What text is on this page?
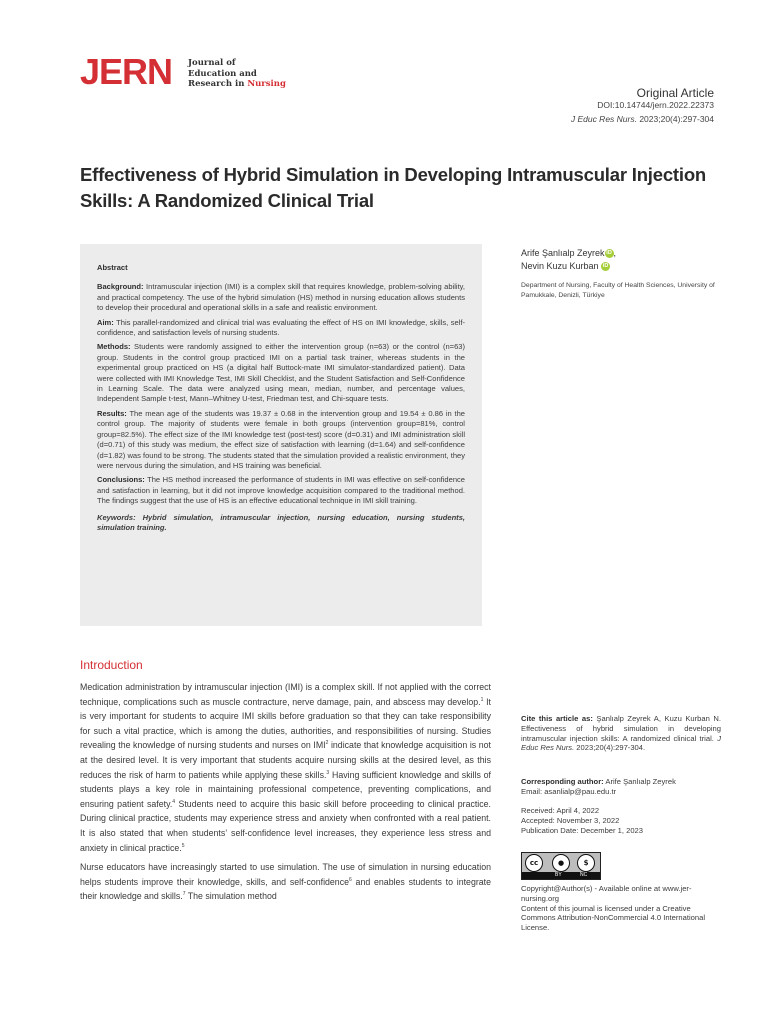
JERN Journal of
Education and
Research in Nursing
Original Article
DOI:10.14744/jern.2022.22373
J Educ Res Nurs. 2023;20(4):297-304
Effectiveness of Hybrid Simulation in Developing Intramuscular Injection Skills: A Randomized Clinical Trial

Abstract

Background: Intramuscular injection (IMI) is a complex skill that requires knowledge, problem-solving ability, and practical competency. The use of the hybrid simulation (HS) method in nursing education allows students to develop their procedural and operational skills in a safe and realistic environment.

Aim: This parallel-randomized and clinical trial was evaluating the effect of HS on IMI knowledge, skills, self-confidence, and satisfaction levels of nursing students.

Methods: Students were randomly assigned to either the intervention group (n=63) or the control (n=63) group. Students in the control group practiced IMI on a partial task trainer, whereas students in the experimental group practiced on HS (a digital half Buttock-mate IMI simulator-standardized patient). Data were collected with IMI Knowledge Test, IMI Skill Checklist, and the Student Satisfaction and Self-Confidence in Learning Scale. The data were analyzed using mean, median, number, and percentage values, Independent Sample t-test, Mann–Whitney U-test, Friedman test, and Chi-square tests.

Results: The mean age of the students was 19.37 ± 0.68 in the intervention group and 19.54 ± 0.86 in the control group. The majority of students were female in both groups (intervention group=81%, control group=82.5%). The effect size of the IMI knowledge test (post-test) score (d=0.31) and IMI administration skill (d=0.71) of this study was medium, the effect size of satisfaction with learning (d=1.64) and self-confidence (d=1.82) was found to be strong. The students stated that the simulation provided a realistic environment, they were nervous during the simulation, and HS training was beneficial.

Conclusions: The HS method increased the performance of students in IMI was effective on self-confidence and satisfaction in learning, but it did not improve knowledge acquisition compared to the traditional method. The findings suggest that the use of HS is an effective educational technique in IMI skill training.

Keywords: Hybrid simulation, intramuscular injection, nursing education, nursing students, simulation training.

Arife Şanlıalp Zeyrek iD ,
Nevin Kuzu Kurban iD
Department of Nursing, Faculty of Health Sciences, University of Pamukkale, Denizli, Türkiye
Introduction

Medication administration by intramuscular injection (IMI) is a complex skill. If not applied with the correct technique, complications such as muscle contracture, nerve damage, pain, and abscess may develop.$^1$ It is very important for students to acquire IMI skills before graduation so that they can take responsibility for such a vital practice, which is among the duties, authorities, and responsibilities of nursing. Studies revealing the knowledge of nursing students and nurses on IMI$^2$ indicate that knowledge acquisition is not at the desired level. It is very important that students acquire nursing skills at the desired level, as this reduces the risk of harm to patients while applying these skills.$^3$ Having sufficient knowledge and skills of students plays a key role in maintaining professional competence, preventing complications, and ensuring patient safety.$^4$ Students need to acquire this basic skill before proceeding to clinical practice. During clinical practice, students may experience stress and anxiety when confronted with a real patient. It is also stated that when students’ self-confidence level increases, they experience less stress and anxiety in clinical practice.$^5$

Nurse educators have increasingly started to use simulation. The use of simulation in nursing education helps students improve their knowledge, skills, and self-confidence$^6$ and enables students to integrate their knowledge and skills.$^7$ The simulation method

Cite this article as: Şanlıalp Zeyrek A, Kuzu Kurban N. Effectiveness of hybrid simulation in developing intramuscular injection skills: A randomized clinical trial. J Educ Res Nurs. 2023;20(4):297-304.
Corresponding author: Arife Şanlıalp Zeyrek
Email: asanlialp@pau.edu.tr
Received: April 4, 2022
Accepted: November 3, 2022
Publication Date: December 1, 2023
cc	●	$
BY	NC
Copyright@Author(s) - Available online at www.jer-nursing.org
Content of this journal is licensed under a Creative Commons Attribution-NonCommercial 4.0 International License.
